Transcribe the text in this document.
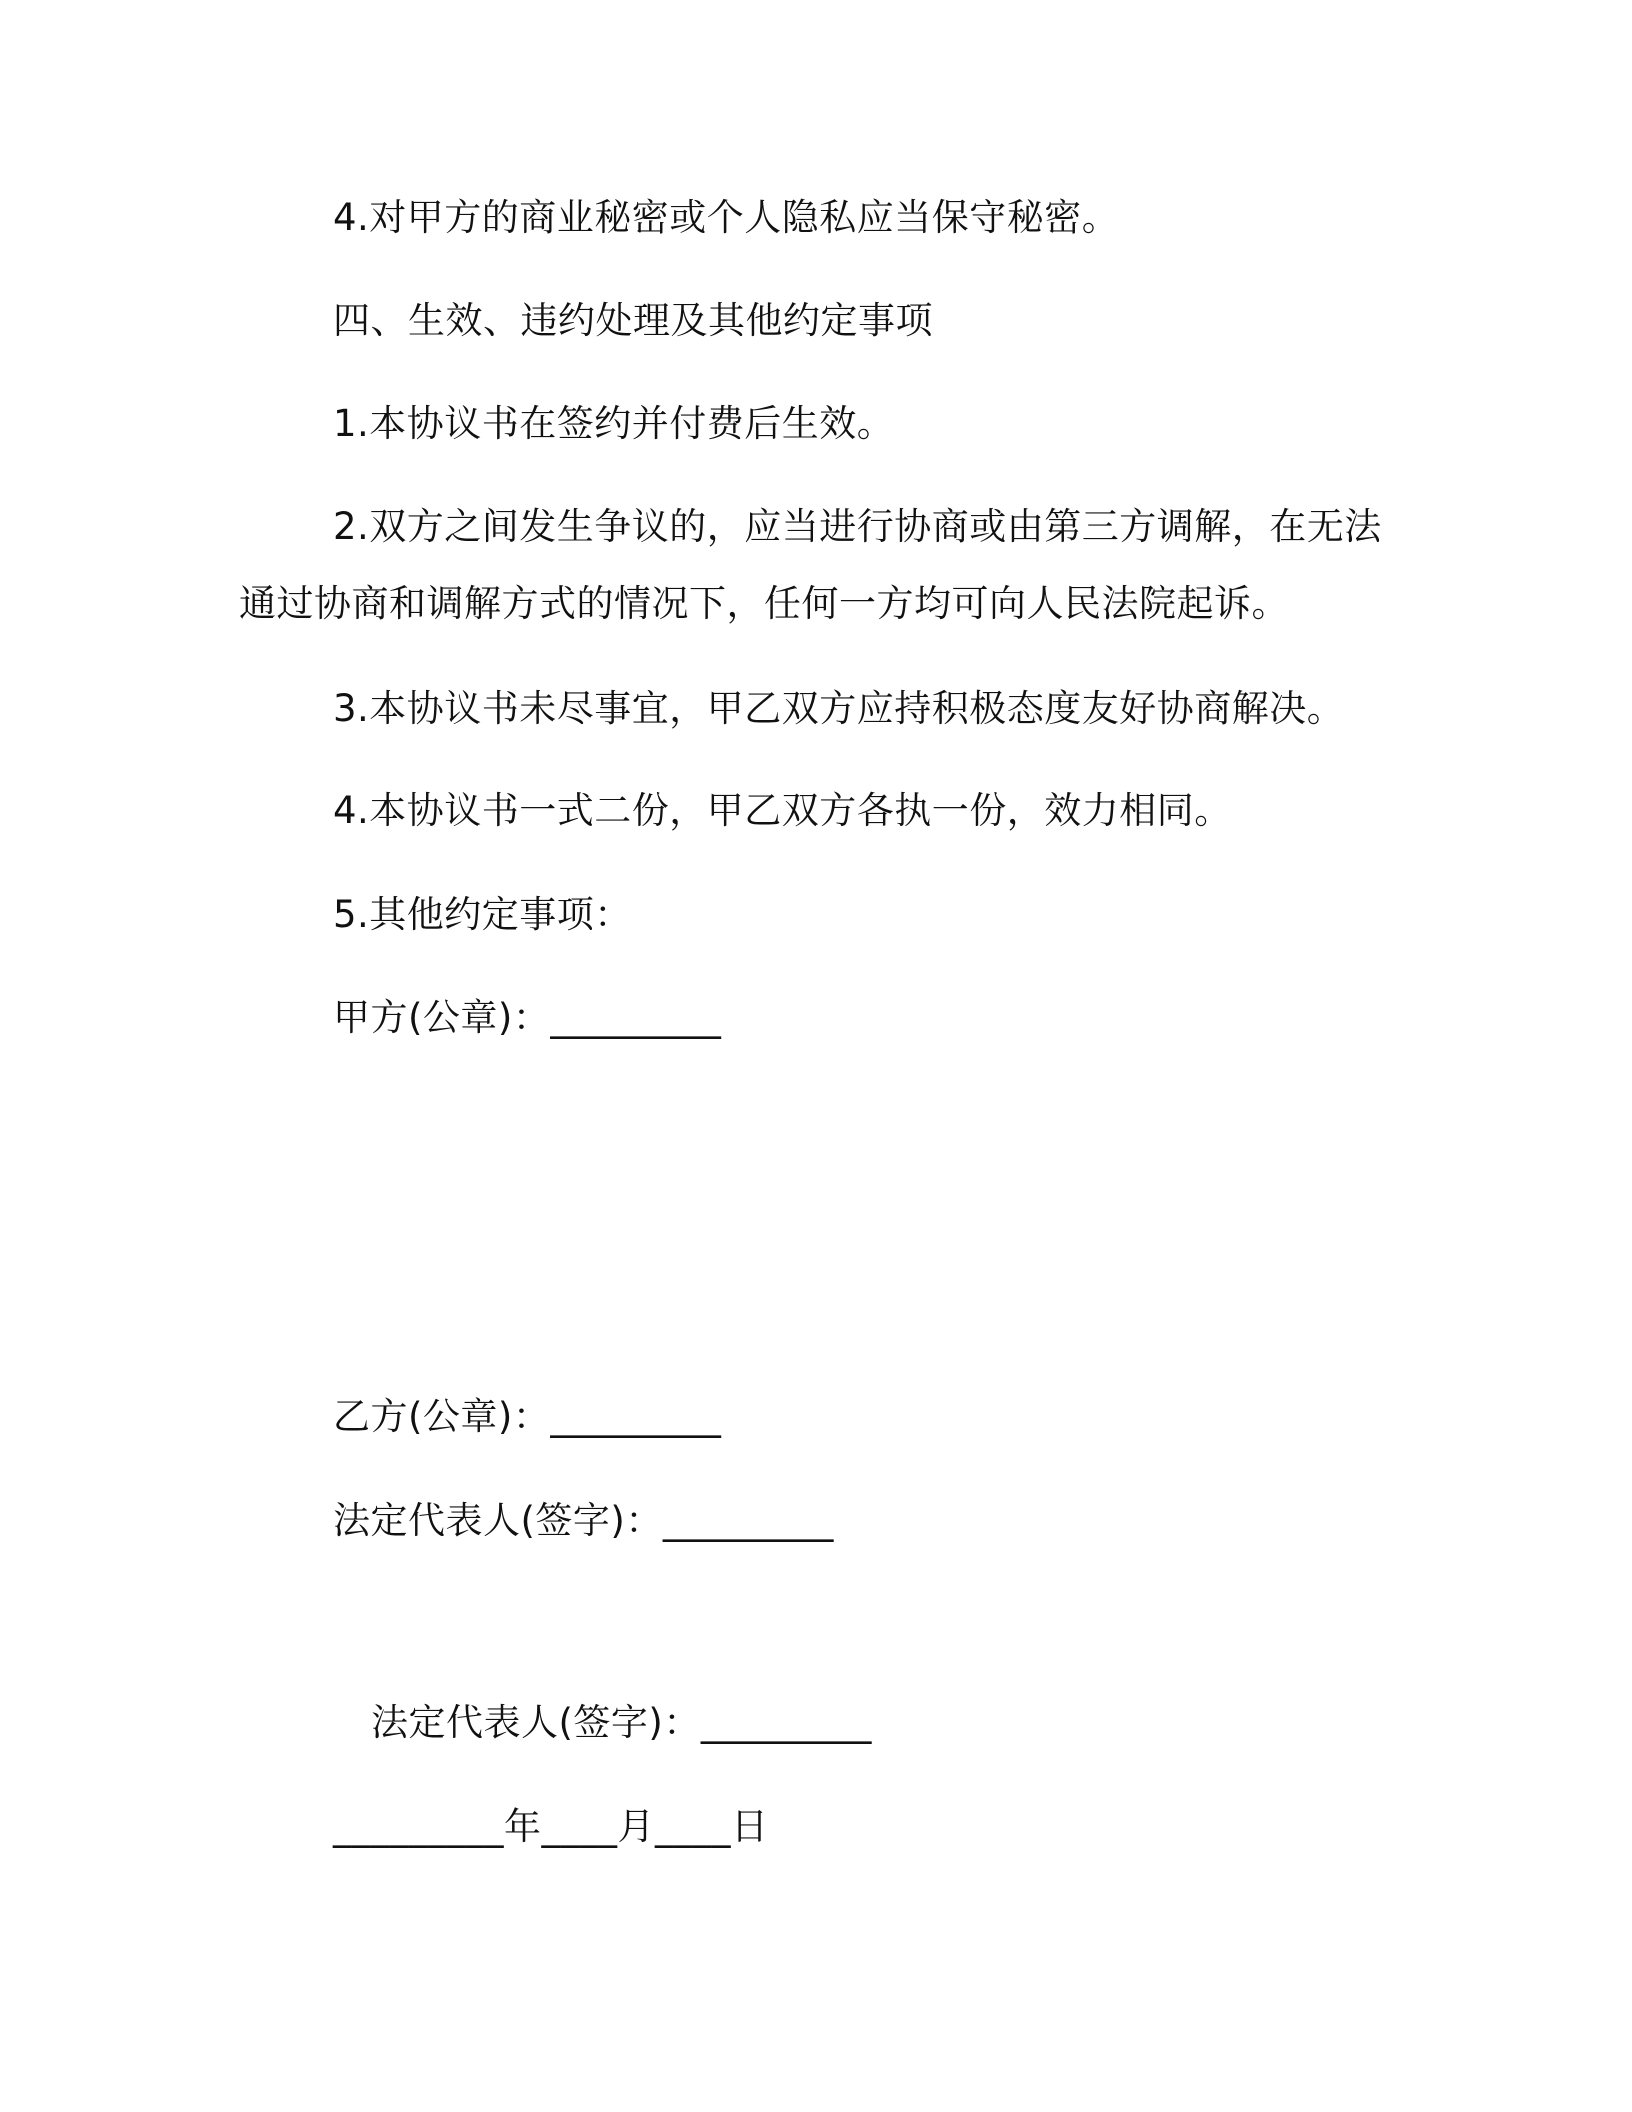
4.对甲方的商业秘密或个人隐私应当保守秘密。
四、生效、违约处理及其他约定事项
1.本协议书在签约并付费后生效。
2.双方之间发生争议的，应当进行协商或由第三方调解，在无法
通过协商和调解方式的情况下，任何一方均可向人民法院起诉。
3.本协议书未尽事宜，甲乙双方应持积极态度友好协商解决。
4.本协议书一式二份，甲乙双方各执一份，效力相同。
5.其他约定事项：
甲方(公章)：_________
乙方(公章)：_________
法定代表人(签字)：_________
法定代表人(签字)：_________
_________年____月____日
